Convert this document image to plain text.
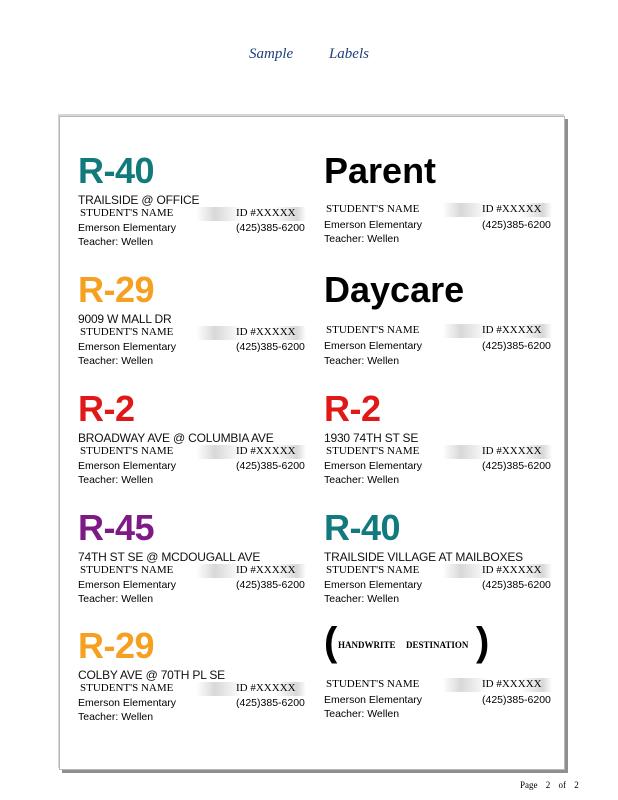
Sample Labels
R-40
TRAILSIDE @ OFFICE
STUDENT'S NAME	ID #XXXXX
Emerson Elementary	(425)385-6200
Teacher: Wellen
Parent
STUDENT'S NAME	ID #XXXXX
Emerson Elementary	(425)385-6200
Teacher: Wellen
R-29
9009 W MALL DR
STUDENT'S NAME	ID #XXXXX
Emerson Elementary	(425)385-6200
Teacher: Wellen
Daycare
STUDENT'S NAME	ID #XXXXX
Emerson Elementary	(425)385-6200
Teacher: Wellen
R-2
BROADWAY AVE @ COLUMBIA AVE
STUDENT'S NAME	ID #XXXXX
Emerson Elementary	(425)385-6200
Teacher: Wellen
R-2
1930 74TH ST SE
STUDENT'S NAME	ID #XXXXX
Emerson Elementary	(425)385-6200
Teacher: Wellen
R-45
74TH ST SE @ MCDOUGALL AVE
STUDENT'S NAME	ID #XXXXX
Emerson Elementary	(425)385-6200
Teacher: Wellen
R-40
TRAILSIDE VILLAGE AT MAILBOXES
STUDENT'S NAME	ID #XXXXX
Emerson Elementary	(425)385-6200
Teacher: Wellen
R-29
COLBY AVE @ 70TH PL SE
STUDENT'S NAME	ID #XXXXX
Emerson Elementary	(425)385-6200
Teacher: Wellen
( HANDWRITE DESTINATION )
STUDENT'S NAME	ID #XXXXX
Emerson Elementary	(425)385-6200
Teacher: Wellen
Page 2 of 2
